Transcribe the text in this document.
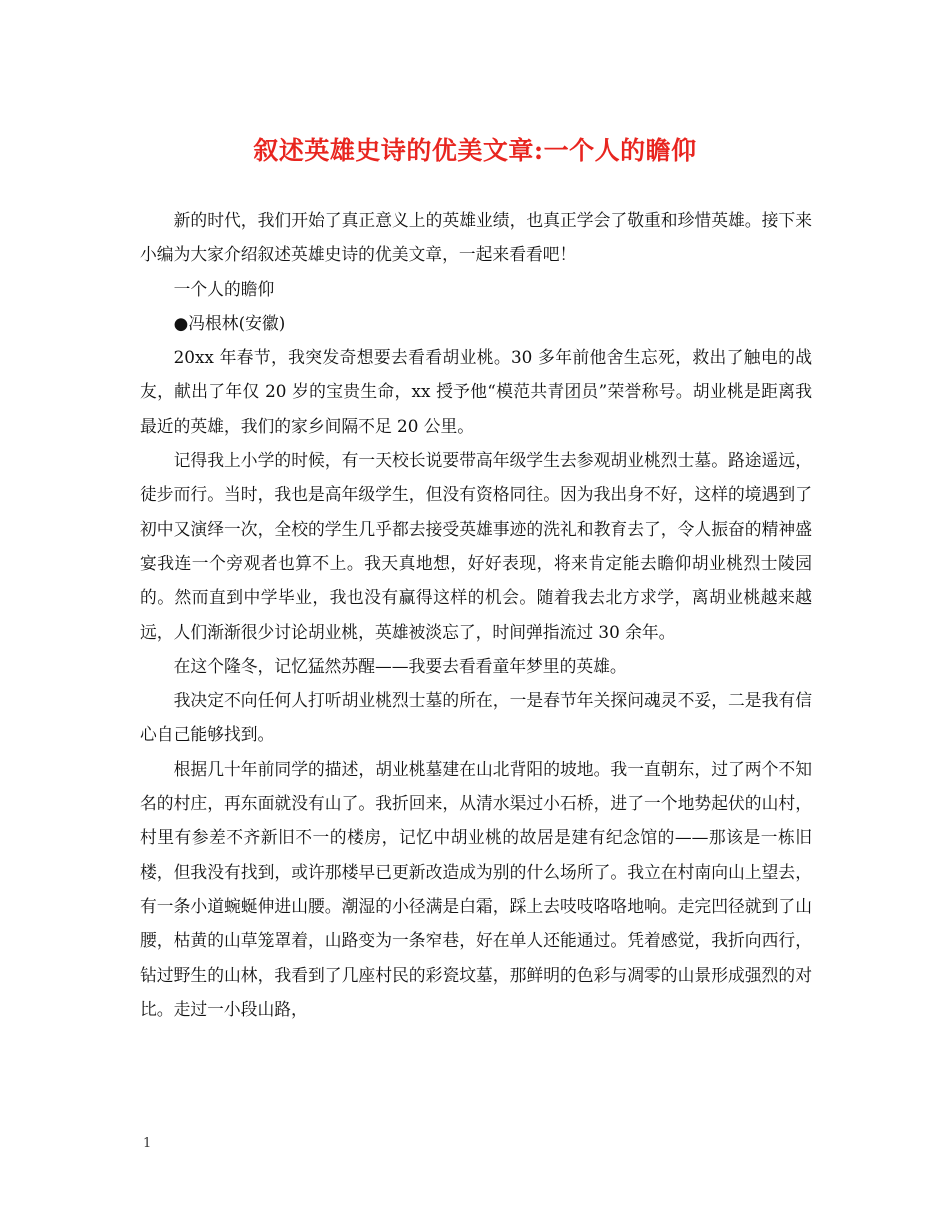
叙述英雄史诗的优美文章:一个人的瞻仰

新的时代，我们开始了真正意义上的英雄业绩，也真正学会了敬重和珍惜英雄。接下来小编为大家介绍叙述英雄史诗的优美文章，一起来看看吧！

一个人的瞻仰

●冯根林(安徽)

20xx 年春节，我突发奇想要去看看胡业桃。30 多年前他舍生忘死，救出了触电的战友，献出了年仅 20 岁的宝贵生命，xx 授予他“模范共青团员”荣誉称号。胡业桃是距离我最近的英雄，我们的家乡间隔不足 20 公里。

记得我上小学的时候，有一天校长说要带高年级学生去参观胡业桃烈士墓。路途遥远，徒步而行。当时，我也是高年级学生，但没有资格同往。因为我出身不好，这样的境遇到了初中又演绎一次，全校的学生几乎都去接受英雄事迹的洗礼和教育去了，令人振奋的精神盛宴我连一个旁观者也算不上。我天真地想，好好表现，将来肯定能去瞻仰胡业桃烈士陵园的。然而直到中学毕业，我也没有赢得这样的机会。随着我去北方求学，离胡业桃越来越远，人们渐渐很少讨论胡业桃，英雄被淡忘了，时间弹指流过 30 余年。

在这个隆冬，记忆猛然苏醒——我要去看看童年梦里的英雄。

我决定不向任何人打听胡业桃烈士墓的所在，一是春节年关探问魂灵不妥，二是我有信心自己能够找到。

根据几十年前同学的描述，胡业桃墓建在山北背阳的坡地。我一直朝东，过了两个不知名的村庄，再东面就没有山了。我折回来，从清水渠过小石桥，进了一个地势起伏的山村，村里有参差不齐新旧不一的楼房，记忆中胡业桃的故居是建有纪念馆的——那该是一栋旧楼，但我没有找到，或许那楼早已更新改造成为别的什么场所了。我立在村南向山上望去，有一条小道蜿蜒伸进山腰。潮湿的小径满是白霜，踩上去吱吱咯咯地响。走完凹径就到了山腰，枯黄的山草笼罩着，山路变为一条窄巷，好在单人还能通过。凭着感觉，我折向西行，钻过野生的山林，我看到了几座村民的彩瓷坟墓，那鲜明的色彩与凋零的山景形成强烈的对比。走过一小段山路，

1
